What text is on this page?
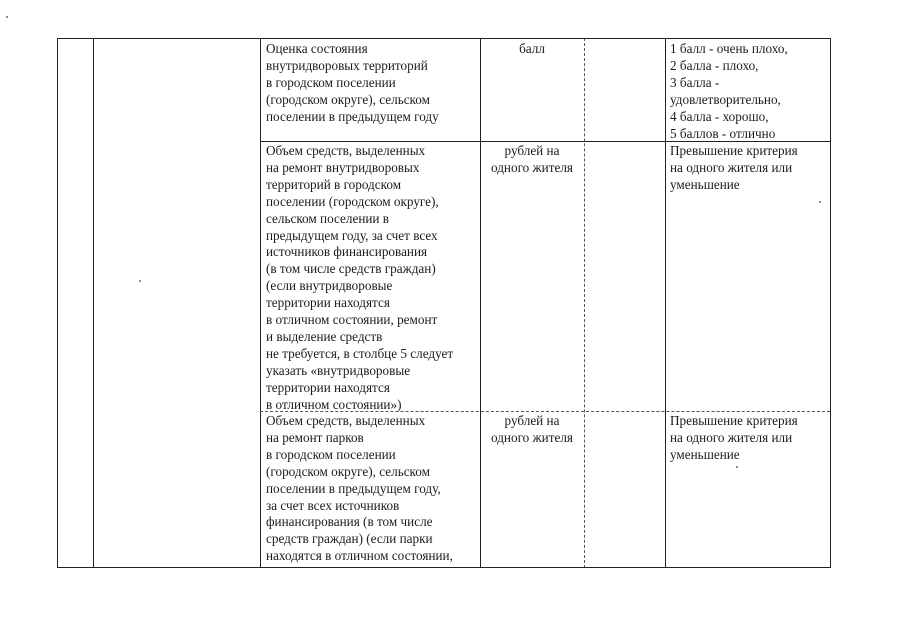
Оценка состояния
внутридворовых территорий
в городском поселении
(городском округе), сельском
поселении в предыдущем году
балл	1 балл - очень плохо,
2 балла - плохо,
3 балла -
удовлетворительно,
4 балла - хорошо,
5 баллов - отлично
Объем средств, выделенных
на ремонт внутридворовых
территорий в городском
поселении (городском округе),
сельском поселении в
предыдущем году, за счет всех
источников финансирования
(в том числе средств граждан)
(если внутридворовые
территории находятся
в отличном состоянии, ремонт
и выделение средств
не требуется, в столбце 5 следует
указать «внутридворовые
территории находятся
в отличном состоянии»)
рублей на
одного жителя
Превышение критерия
на одного жителя или
уменьшение
Объем средств, выделенных
на ремонт парков
в городском поселении
(городском округе), сельском
поселении в предыдущем году,
за счет всех источников
финансирования (в том числе
средств граждан) (если парки
находятся в отличном состоянии,
рублей на
одного жителя
Превышение критерия
на одного жителя или
уменьшение
